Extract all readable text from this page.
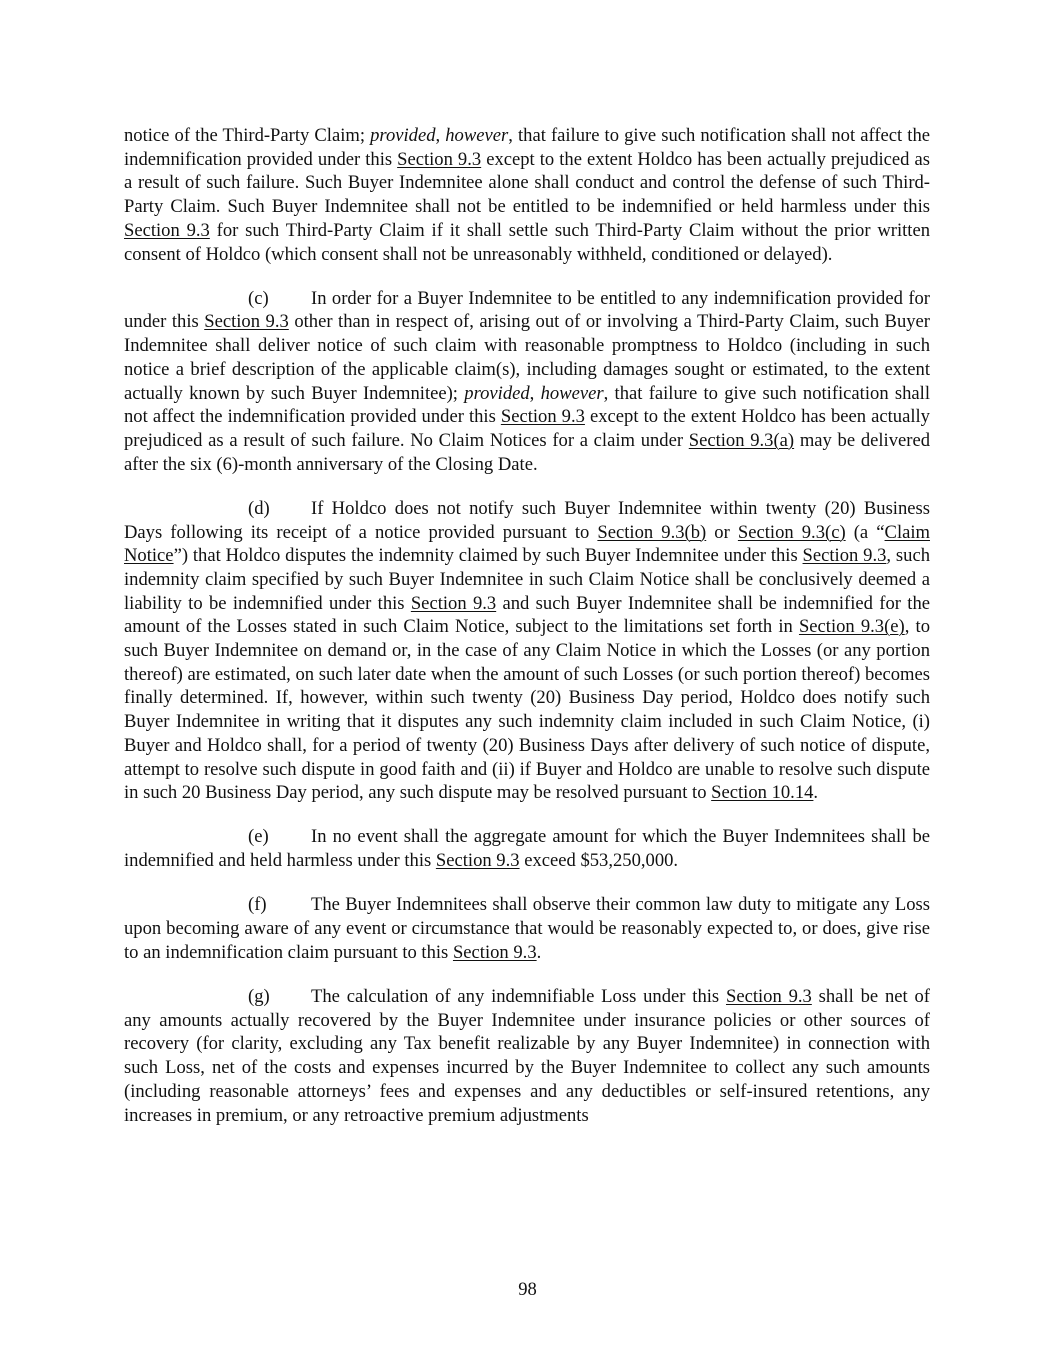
notice of the Third-Party Claim; provided, however, that failure to give such notification shall not affect the indemnification provided under this Section 9.3 except to the extent Holdco has been actually prejudiced as a result of such failure. Such Buyer Indemnitee alone shall conduct and control the defense of such Third-Party Claim. Such Buyer Indemnitee shall not be entitled to be indemnified or held harmless under this Section 9.3 for such Third-Party Claim if it shall settle such Third-Party Claim without the prior written consent of Holdco (which consent shall not be unreasonably withheld, conditioned or delayed).

(c) In order for a Buyer Indemnitee to be entitled to any indemnification provided for under this Section 9.3 other than in respect of, arising out of or involving a Third-Party Claim, such Buyer Indemnitee shall deliver notice of such claim with reasonable promptness to Holdco (including in such notice a brief description of the applicable claim(s), including damages sought or estimated, to the extent actually known by such Buyer Indemnitee); provided, however, that failure to give such notification shall not affect the indemnification provided under this Section 9.3 except to the extent Holdco has been actually prejudiced as a result of such failure. No Claim Notices for a claim under Section 9.3(a) may be delivered after the six (6)-month anniversary of the Closing Date.

(d) If Holdco does not notify such Buyer Indemnitee within twenty (20) Business Days following its receipt of a notice provided pursuant to Section 9.3(b) or Section 9.3(c) (a “Claim Notice”) that Holdco disputes the indemnity claimed by such Buyer Indemnitee under this Section 9.3, such indemnity claim specified by such Buyer Indemnitee in such Claim Notice shall be conclusively deemed a liability to be indemnified under this Section 9.3 and such Buyer Indemnitee shall be indemnified for the amount of the Losses stated in such Claim Notice, subject to the limitations set forth in Section 9.3(e), to such Buyer Indemnitee on demand or, in the case of any Claim Notice in which the Losses (or any portion thereof) are estimated, on such later date when the amount of such Losses (or such portion thereof) becomes finally determined. If, however, within such twenty (20) Business Day period, Holdco does notify such Buyer Indemnitee in writing that it disputes any such indemnity claim included in such Claim Notice, (i) Buyer and Holdco shall, for a period of twenty (20) Business Days after delivery of such notice of dispute, attempt to resolve such dispute in good faith and (ii) if Buyer and Holdco are unable to resolve such dispute in such 20 Business Day period, any such dispute may be resolved pursuant to Section 10.14.

(e) In no event shall the aggregate amount for which the Buyer Indemnitees shall be indemnified and held harmless under this Section 9.3 exceed $53,250,000.

(f) The Buyer Indemnitees shall observe their common law duty to mitigate any Loss upon becoming aware of any event or circumstance that would be reasonably expected to, or does, give rise to an indemnification claim pursuant to this Section 9.3.

(g) The calculation of any indemnifiable Loss under this Section 9.3 shall be net of any amounts actually recovered by the Buyer Indemnitee under insurance policies or other sources of recovery (for clarity, excluding any Tax benefit realizable by any Buyer Indemnitee) in connection with such Loss, net of the costs and expenses incurred by the Buyer Indemnitee to collect any such amounts (including reasonable attorneys’ fees and expenses and any deductibles or self-insured retentions, any increases in premium, or any retroactive premium adjustments

98
